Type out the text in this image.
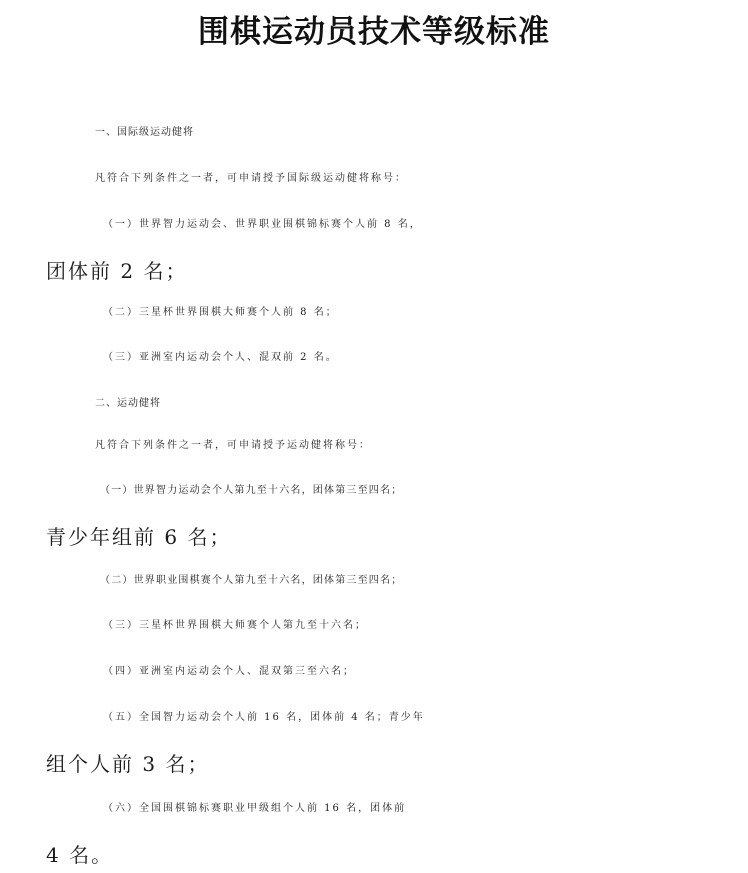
围棋运动员技术等级标准
一、国际级运动健将
凡符合下列条件之一者，可申请授予国际级运动健将称号：
（一）世界智力运动会、世界职业围棋锦标赛个人前 8 名，
团体前 2 名；
（二）三星杯世界围棋大师赛个人前 8 名；
（三）亚洲室内运动会个人、混双前 2 名。
二、运动健将
凡符合下列条件之一者，可申请授予运动健将称号：
（一）世界智力运动会个人第九至十六名，团体第三至四名；
青少年组前 6 名；
（二）世界职业围棋赛个人第九至十六名，团体第三至四名；
（三）三星杯世界围棋大师赛个人第九至十六名；
（四）亚洲室内运动会个人、混双第三至六名；
（五）全国智力运动会个人前 16 名，团体前 4 名；青少年
组个人前 3 名；
（六）全国围棋锦标赛职业甲级组个人前 16 名，团体前
4 名。
